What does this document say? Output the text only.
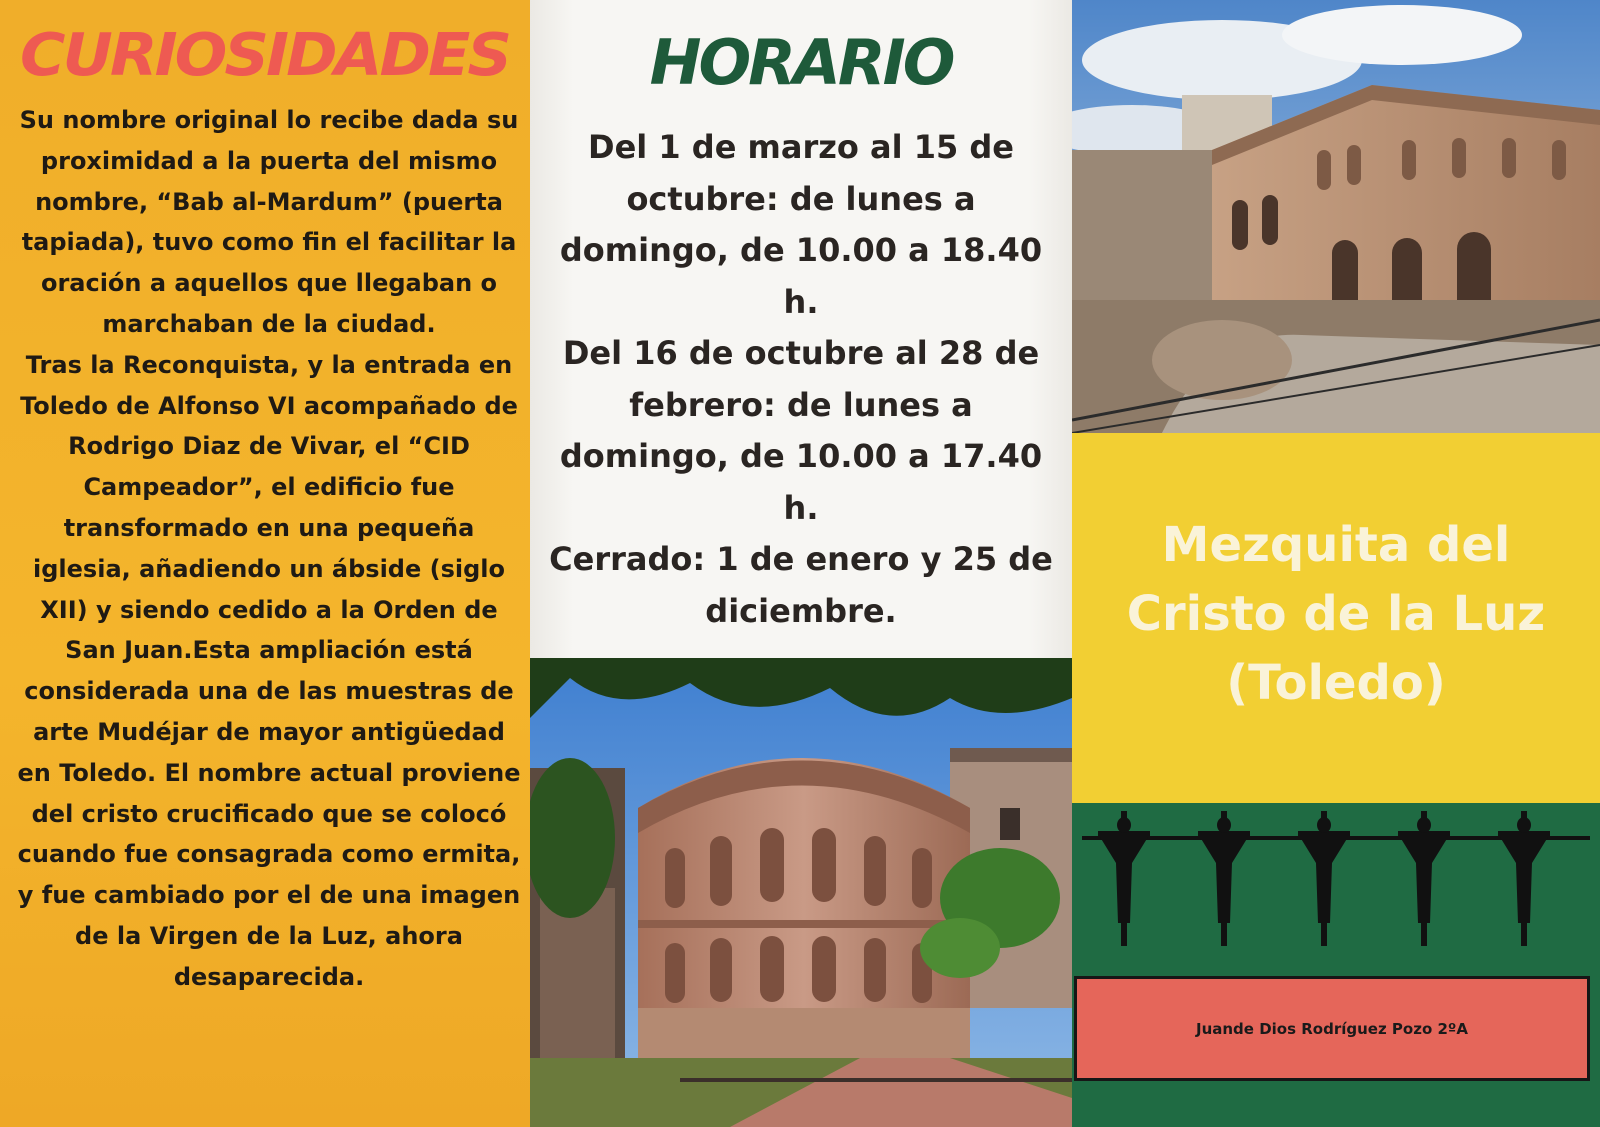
CURIOSIDADES

Su nombre original lo recibe dada su proximidad a la puerta del mismo nombre, “Bab al-Mardum” (puerta tapiada), tuvo como fin el facilitar la oración a aquellos que llegaban o marchaban de la ciudad.

Tras la Reconquista, y la entrada en Toledo de Alfonso VI acompañado de Rodrigo Diaz de Vivar, el “CID Campeador”, el edificio fue transformado en una pequeña iglesia, añadiendo un ábside (siglo XII) y siendo cedido a la Orden de San Juan.Esta ampliación está considerada una de las muestras de arte Mudéjar de mayor antigüedad en Toledo. El nombre actual proviene del cristo crucificado que se colocó cuando fue consagrada como ermita, y fue cambiado por el de una imagen de la Virgen de la Luz, ahora desaparecida.

HORARIO

Del 1 de marzo al 15 de octubre: de lunes a domingo, de 10.00 a 18.40 h.

Del 16 de octubre al 28 de febrero: de lunes a domingo, de 10.00 a 17.40 h.

Cerrado: 1 de enero y 25 de diciembre.

Mezquita del

Cristo de la Luz

(Toledo)

Juande Dios Rodríguez Pozo 2ºA
